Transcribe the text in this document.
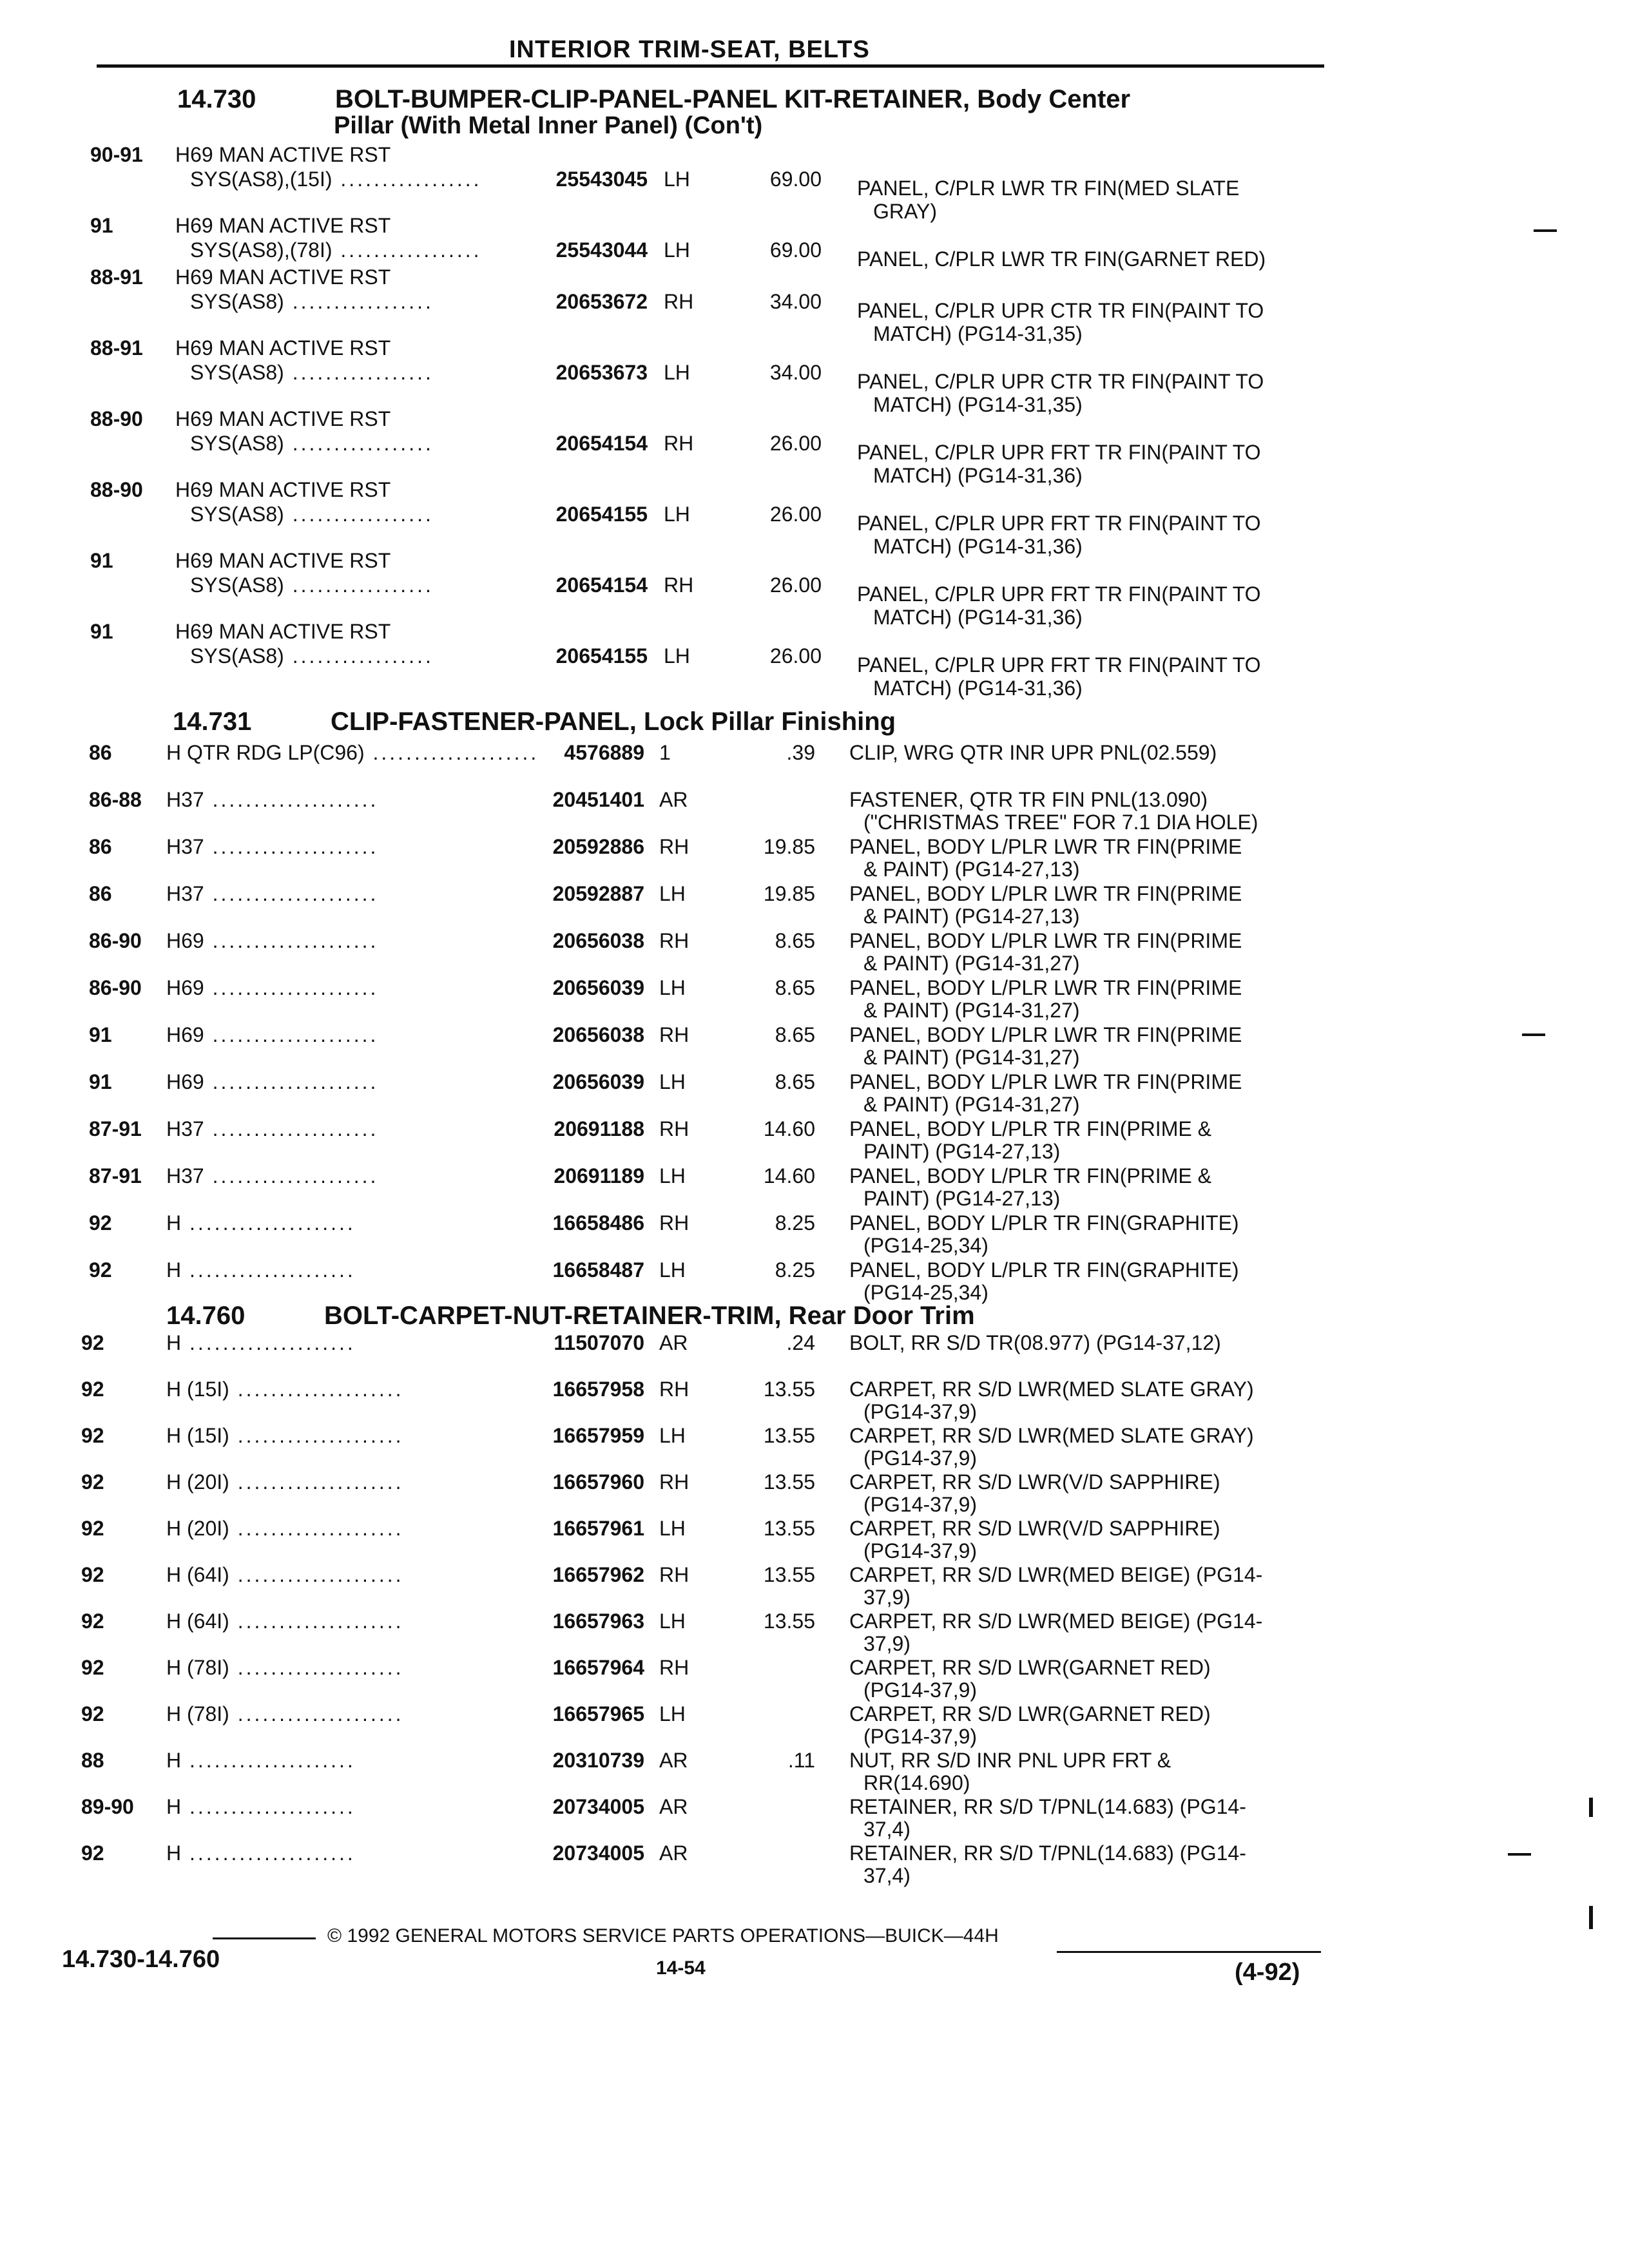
INTERIOR TRIM-SEAT, BELTS
14.730	BOLT-BUMPER-CLIP-PANEL-PANEL KIT-RETAINER, Body Center
Pillar (With Metal Inner Panel) (Con't)
90-91 H69 MAN ACTIVE RST
SYS(AS8),(15I) .................	25543045 LH	69.00 PANEL, C/PLR LWR TR FIN(MED SLATE
GRAY)
91	H69 MAN ACTIVE RST
SYS(AS8),(78I) .................	25543044 LH	69.00 PANEL, C/PLR LWR TR FIN(GARNET RED)
88-91 H69 MAN ACTIVE RST
SYS(AS8) .................	20653672 RH	34.00 PANEL, C/PLR UPR CTR TR FIN(PAINT TO
MATCH) (PG14-31,35)
88-91 H69 MAN ACTIVE RST
SYS(AS8) .................	20653673 LH	34.00 PANEL, C/PLR UPR CTR TR FIN(PAINT TO
MATCH) (PG14-31,35)
88-90 H69 MAN ACTIVE RST
SYS(AS8) .................	20654154 RH	26.00 PANEL, C/PLR UPR FRT TR FIN(PAINT TO
MATCH) (PG14-31,36)
88-90 H69 MAN ACTIVE RST
SYS(AS8) .................	20654155 LH	26.00 PANEL, C/PLR UPR FRT TR FIN(PAINT TO
MATCH) (PG14-31,36)
91	H69 MAN ACTIVE RST
SYS(AS8) .................	20654154 RH	26.00 PANEL, C/PLR UPR FRT TR FIN(PAINT TO
MATCH) (PG14-31,36)
91	H69 MAN ACTIVE RST
SYS(AS8) .................	20654155 LH	26.00 PANEL, C/PLR UPR FRT TR FIN(PAINT TO
MATCH) (PG14-31,36)
14.731	CLIP-FASTENER-PANEL, Lock Pillar Finishing
86	H QTR RDG LP(C96) ....................	4576889 1	.39 CLIP, WRG QTR INR UPR PNL(02.559)
86-88 H37 ....................	20451401 AR	FASTENER, QTR TR FIN PNL(13.090)
("CHRISTMAS TREE" FOR 7.1 DIA HOLE)
86	H37 ....................	20592886 RH	19.85 PANEL, BODY L/PLR LWR TR FIN(PRIME
& PAINT) (PG14-27,13)
86	H37 ....................	20592887 LH	19.85 PANEL, BODY L/PLR LWR TR FIN(PRIME
& PAINT) (PG14-27,13)
86-90 H69 ....................	20656038 RH	8.65 PANEL, BODY L/PLR LWR TR FIN(PRIME
& PAINT) (PG14-31,27)
86-90 H69 ....................	20656039 LH	8.65 PANEL, BODY L/PLR LWR TR FIN(PRIME
& PAINT) (PG14-31,27)
91	H69 ....................	20656038 RH	8.65 PANEL, BODY L/PLR LWR TR FIN(PRIME
& PAINT) (PG14-31,27)
91	H69 ....................	20656039 LH	8.65 PANEL, BODY L/PLR LWR TR FIN(PRIME
& PAINT) (PG14-31,27)
87-91 H37 ....................	20691188 RH	14.60 PANEL, BODY L/PLR TR FIN(PRIME &
PAINT) (PG14-27,13)
87-91 H37 ....................	20691189 LH	14.60 PANEL, BODY L/PLR TR FIN(PRIME &
PAINT) (PG14-27,13)
92	H ....................	16658486 RH	8.25 PANEL, BODY L/PLR TR FIN(GRAPHITE)
(PG14-25,34)
92	H ....................	16658487 LH	8.25 PANEL, BODY L/PLR TR FIN(GRAPHITE)
(PG14-25,34)
14.760	BOLT-CARPET-NUT-RETAINER-TRIM, Rear Door Trim
92	H ....................	11507070 AR	.24 BOLT, RR S/D TR(08.977) (PG14-37,12)
92	H (15I) ....................	16657958 RH	13.55 CARPET, RR S/D LWR(MED SLATE GRAY)
(PG14-37,9)
92	H (15I) ....................	16657959 LH	13.55 CARPET, RR S/D LWR(MED SLATE GRAY)
(PG14-37,9)
92	H (20I) ....................	16657960 RH	13.55 CARPET, RR S/D LWR(V/D SAPPHIRE)
(PG14-37,9)
92	H (20I) ....................	16657961 LH	13.55 CARPET, RR S/D LWR(V/D SAPPHIRE)
(PG14-37,9)
92	H (64I) ....................	16657962 RH	13.55 CARPET, RR S/D LWR(MED BEIGE) (PG14-
37,9)
92	H (64I) ....................	16657963 LH	13.55 CARPET, RR S/D LWR(MED BEIGE) (PG14-
37,9)
92	H (78I) ....................	16657964 RH	CARPET, RR S/D LWR(GARNET RED)
(PG14-37,9)
92	H (78I) ....................	16657965 LH	CARPET, RR S/D LWR(GARNET RED)
(PG14-37,9)
88	H ....................	20310739 AR	.11 NUT, RR S/D INR PNL UPR FRT &
RR(14.690)
89-90 H ....................	20734005 AR	RETAINER, RR S/D T/PNL(14.683) (PG14-
37,4)
92	H ....................	20734005 AR	RETAINER, RR S/D T/PNL(14.683) (PG14-
37,4)
© 1992 GENERAL MOTORS SERVICE PARTS OPERATIONS—BUICK—44H
14.730-14.760	14-54	(4-92)
